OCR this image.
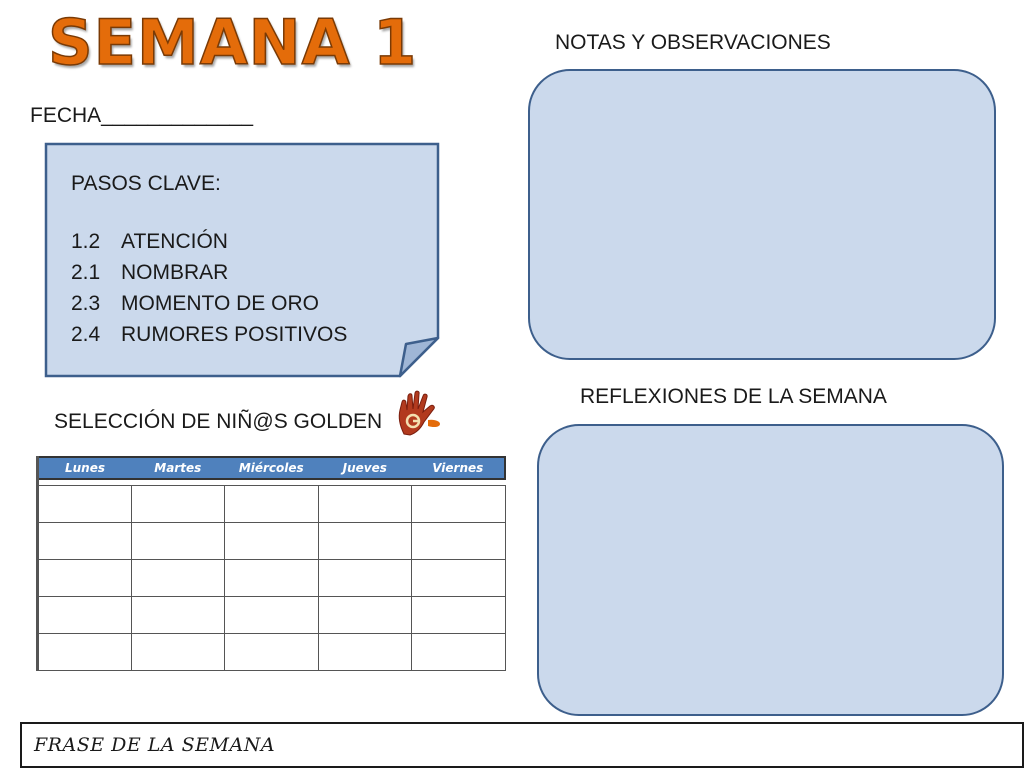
SEMANA 1
FECHA_____________
PASOS CLAVE:
1.2 ATENCIÓN
2.1 NOMBRAR
2.3 MOMENTO DE ORO
2.4 RUMORES POSITIVOS
NOTAS Y OBSERVACIONES
REFLEXIONES DE LA SEMANA
SELECCIÓN DE NIÑ@S GOLDEN
Lunes	Martes	Miércoles	Jueves	Viernes

FRASE DE LA SEMANA
